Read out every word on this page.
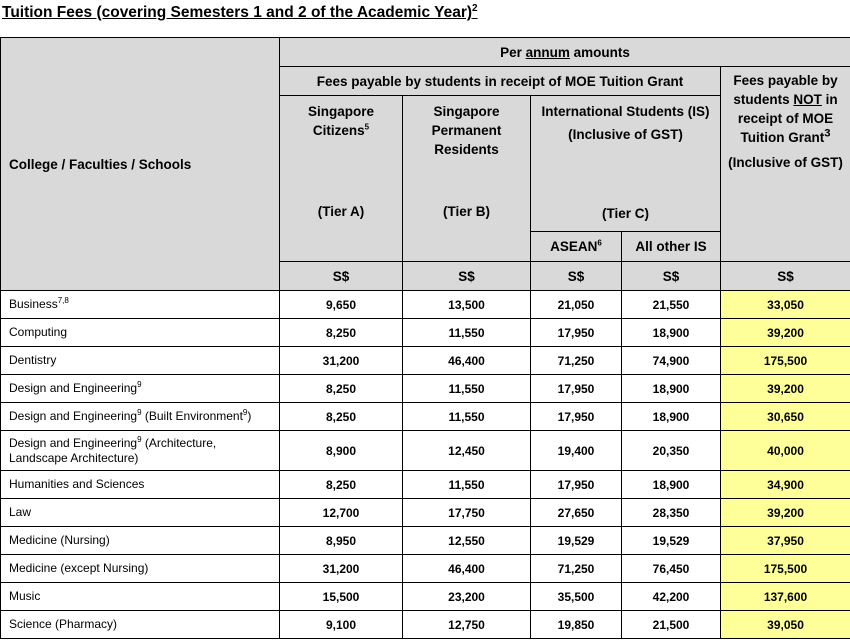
Tuition Fees (covering Semesters 1 and 2 of the Academic Year)$^2$
College / Faculties / Schools	Per annum amounts				
	Fees payable by students in receipt of MOE Tuition Grant				Fees payable by students NOT in receipt of MOE Tuition Grant$^3$
(Inclusive of GST)

	Singapore Citizens$^5$	Singapore Permanent Residents	International Students (IS)
(Inclusive of GST)		

	(Tier A)	(Tier B)	(Tier C)		
			ASEAN$^6$	All other IS	
	S$	S$	S$	S$	S$
Business$^{7,8}$	9,650	13,500	21,050	21,550	33,050
Computing	8,250	11,550	17,950	18,900	39,200
Dentistry	31,200	46,400	71,250	74,900	175,500
Design and Engineering$^9$	8,250	11,550	17,950	18,900	39,200
Design and Engineering$^9$ (Built Environment$^9$)	8,250	11,550	17,950	18,900	30,650
Design and Engineering$^9$ (Architecture, Landscape Architecture)	8,900	12,450	19,400	20,350	40,000
Humanities and Sciences	8,250	11,550	17,950	18,900	34,900
Law	12,700	17,750	27,650	28,350	39,200
Medicine (Nursing)	8,950	12,550	19,529	19,529	37,950
Medicine (except Nursing)	31,200	46,400	71,250	76,450	175,500
Music	15,500	23,200	35,500	42,200	137,600
Science (Pharmacy)	9,100	12,750	19,850	21,500	39,050
